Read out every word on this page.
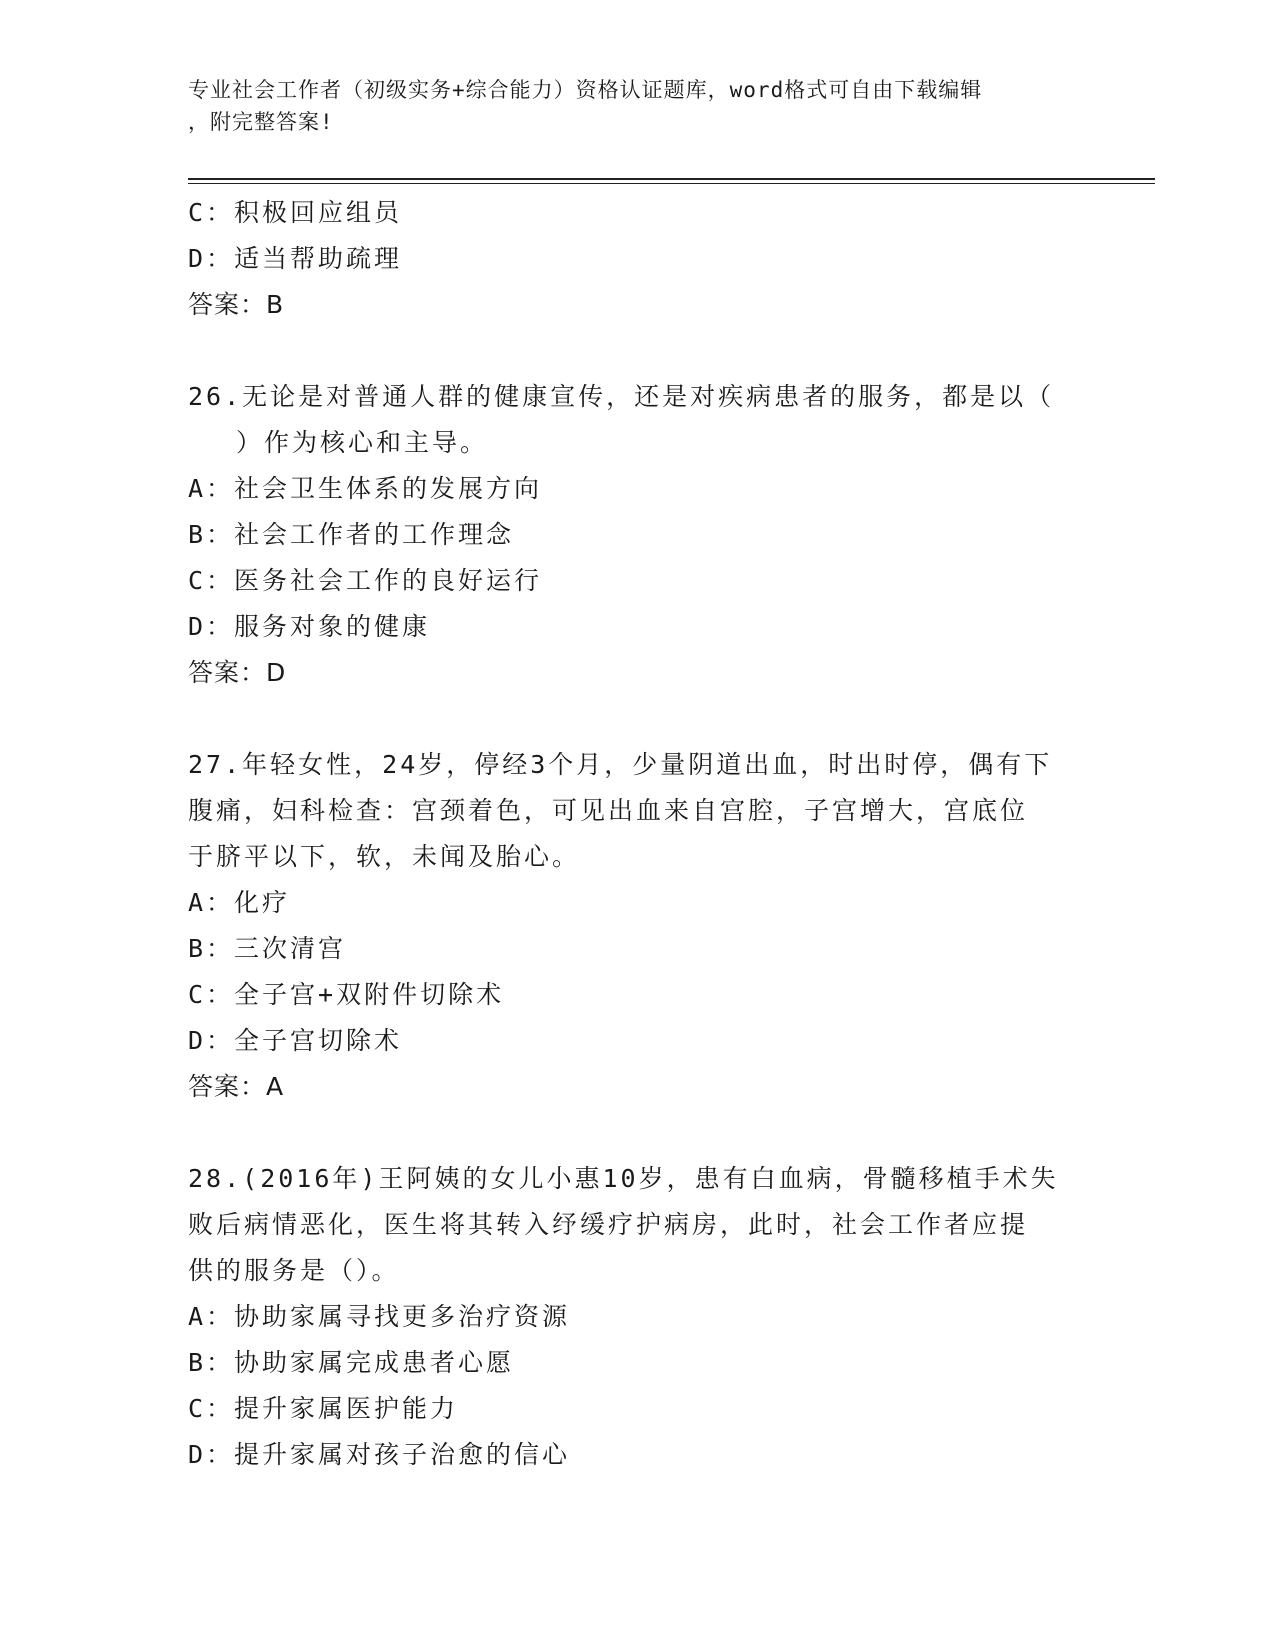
专业社会工作者（初级实务+综合能力）资格认证题库，word格式可自由下载编辑
，附完整答案!
C：积极回应组员
D：适当帮助疏理
答案：B
26.无论是对普通人群的健康宣传，还是对疾病患者的服务，都是以（
）作为核心和主导。
A：社会卫生体系的发展方向
B：社会工作者的工作理念
C：医务社会工作的良好运行
D：服务对象的健康
答案：D
27.年轻女性，24岁，停经3个月，少量阴道出血，时出时停，偶有下
腹痛，妇科检查：宫颈着色，可见出血来自宫腔，子宫增大，宫底位
于脐平以下，软，未闻及胎心。
A：化疗
B：三次清宫
C：全子宫+双附件切除术
D：全子宫切除术
答案：A
28.(2016年)王阿姨的女儿小惠10岁，患有白血病，骨髓移植手术失
败后病情恶化，医生将其转入纾缓疗护病房，此时，社会工作者应提
供的服务是（）。
A：协助家属寻找更多治疗资源
B：协助家属完成患者心愿
C：提升家属医护能力
D：提升家属对孩子治愈的信心
